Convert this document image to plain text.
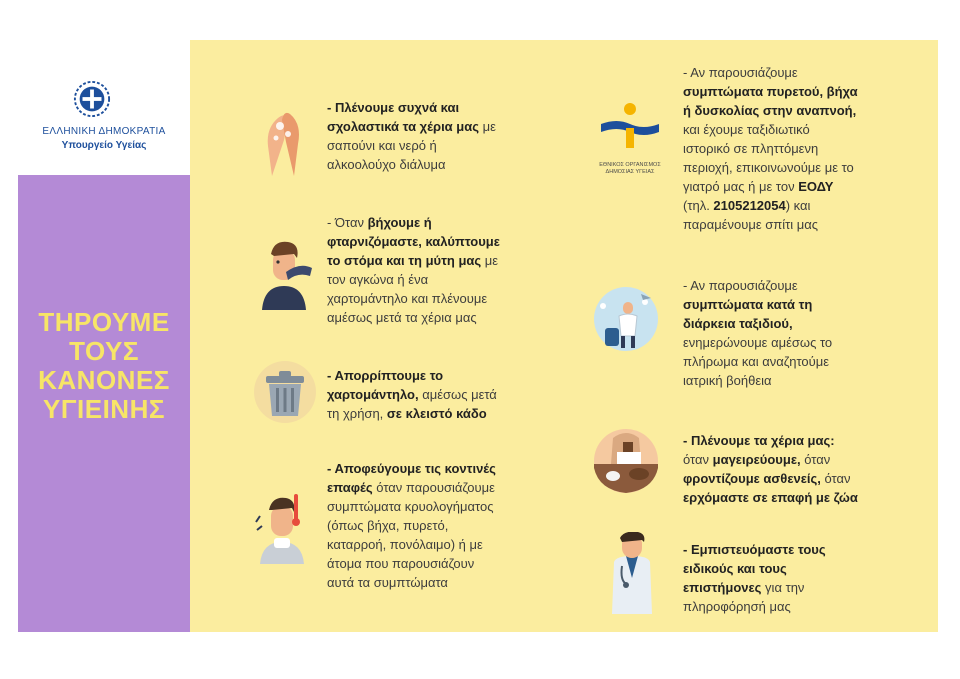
ΕΛΛΗΝΙΚΗ ΔΗΜΟΚΡΑΤΙΑ
Υπουργείο Υγείας
ΤΗΡΟΥΜΕ
ΤΟΥΣ
ΚΑΝΟΝΕΣ
ΥΓΙΕΙΝΗΣ
ΕΘΝΙΚΟΣ ΟΡΓΑΝΙΣΜΟΣ
ΔΗΜΟΣΙΑΣ ΥΓΕΙΑΣ
- Πλένουμε συχνά και
σχολαστικά τα χέρια μας με
σαπούνι και νερό ή
αλκοολούχο διάλυμα
- Όταν βήχουμε ή
φταρνιζόμαστε, καλύπτουμε
το στόμα και τη μύτη μας με
τον αγκώνα ή ένα
χαρτομάντηλο και πλένουμε
αμέσως μετά τα χέρια μας
- Απορρίπτουμε το
χαρτομάντηλο, αμέσως μετά
τη χρήση, σε κλειστό κάδο
- Αποφεύγουμε τις κοντινές
επαφές όταν παρουσιάζουμε
συμπτώματα κρυολογήματος
(όπως βήχα, πυρετό,
καταρροή, πονόλαιμο) ή με
άτομα που παρουσιάζουν
αυτά τα συμπτώματα
- Αν παρουσιάζουμε
συμπτώματα πυρετού, βήχα
ή δυσκολίας στην αναπνοή,
και έχουμε ταξιδιωτικό
ιστορικό σε πληττόμενη
περιοχή, επικοινωνούμε με το
γιατρό μας ή με τον ΕΟΔΥ
(τηλ. 2105212054) και
παραμένουμε σπίτι μας
- Αν παρουσιάζουμε
συμπτώματα κατά τη
διάρκεια ταξιδιού,
ενημερώνουμε αμέσως το
πλήρωμα και αναζητούμε
ιατρική βοήθεια
- Πλένουμε τα χέρια μας:
όταν μαγειρεύουμε, όταν
φροντίζουμε ασθενείς, όταν
ερχόμαστε σε επαφή με ζώα
- Εμπιστευόμαστε τους
ειδικούς και τους
επιστήμονες για την
πληροφόρησή μας
